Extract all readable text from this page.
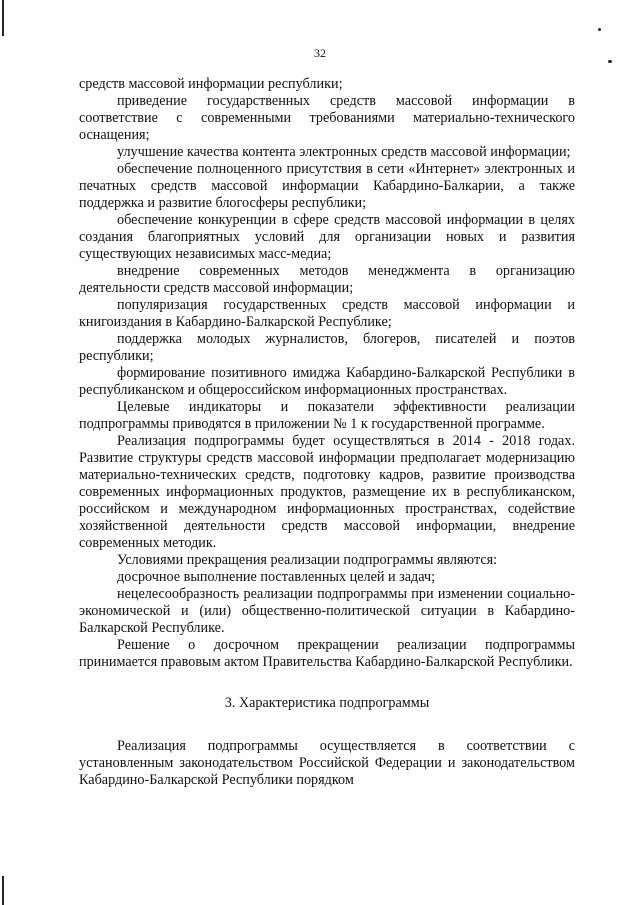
32

средств массовой информации республики;

приведение государственных средств массовой информации в соответствие с современными требованиями материально-технического оснащения;

улучшение качества контента электронных средств массовой информации;

обеспечение полноценного присутствия в сети «Интернет» электронных и печатных средств массовой информации Кабардино-Балкарии, а также поддержка и развитие блогосферы республики;

обеспечение конкуренции в сфере средств массовой информации в целях создания благоприятных условий для организации новых и развития существующих независимых масс-медиа;

внедрение современных методов менеджмента в организацию деятельности средств массовой информации;

популяризация государственных средств массовой информации и книгоиздания в Кабардино-Балкарской Республике;

поддержка молодых журналистов, блогеров, писателей и поэтов республики;

формирование позитивного имиджа Кабардино-Балкарской Республики в республиканском и общероссийском информационных пространствах.

Целевые индикаторы и показатели эффективности реализации подпрограммы приводятся в приложении № 1 к государственной программе.

Реализация подпрограммы будет осуществляться в 2014 - 2018 годах. Развитие структуры средств массовой информации предполагает модернизацию материально-технических средств, подготовку кадров, развитие производства современных информационных продуктов, размещение их в республиканском, российском и международном информационных пространствах, содействие хозяйственной деятельности средств массовой информации, внедрение современных методик.

Условиями прекращения реализации подпрограммы являются:

досрочное выполнение поставленных целей и задач;

нецелесообразность реализации подпрограммы при изменении социально-экономической и (или) общественно-политической ситуации в Кабардино-Балкарской Республике.

Решение о досрочном прекращении реализации подпрограммы принимается правовым актом Правительства Кабардино-Балкарской Республики.

3. Характеристика подпрограммы

Реализация подпрограммы осуществляется в соответствии с установленным законодательством Российской Федерации и законодательством Кабардино-Балкарской Республики порядком
